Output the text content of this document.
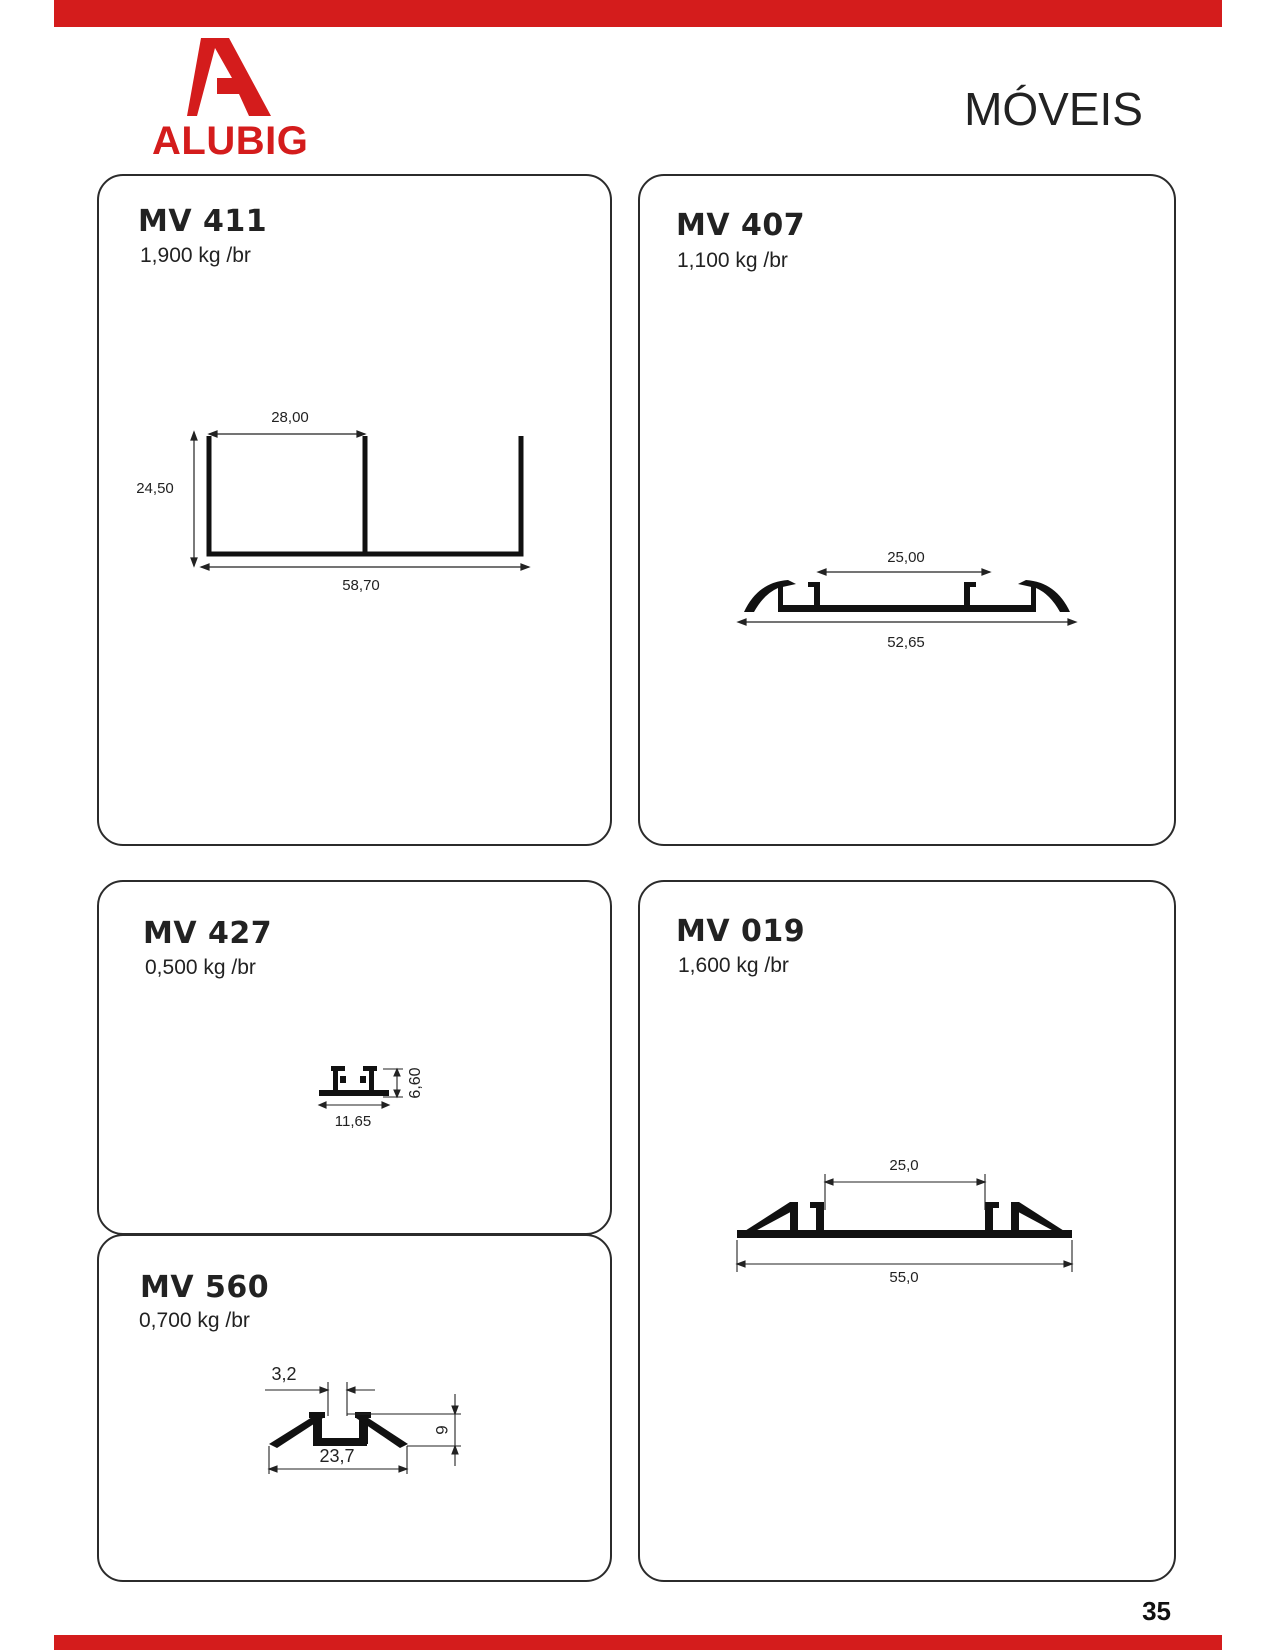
ALUBIG
MÓVEIS
MV 411
1,900 kg /br
28,00
24,50
58,70
MV 407
1,100 kg /br
25,00
52,65
MV 427
0,500 kg /br
6,60
11,65
MV 560
0,700 kg /br
3,2
6
23,7
MV 019
1,600 kg /br
25,0
55,0
35
